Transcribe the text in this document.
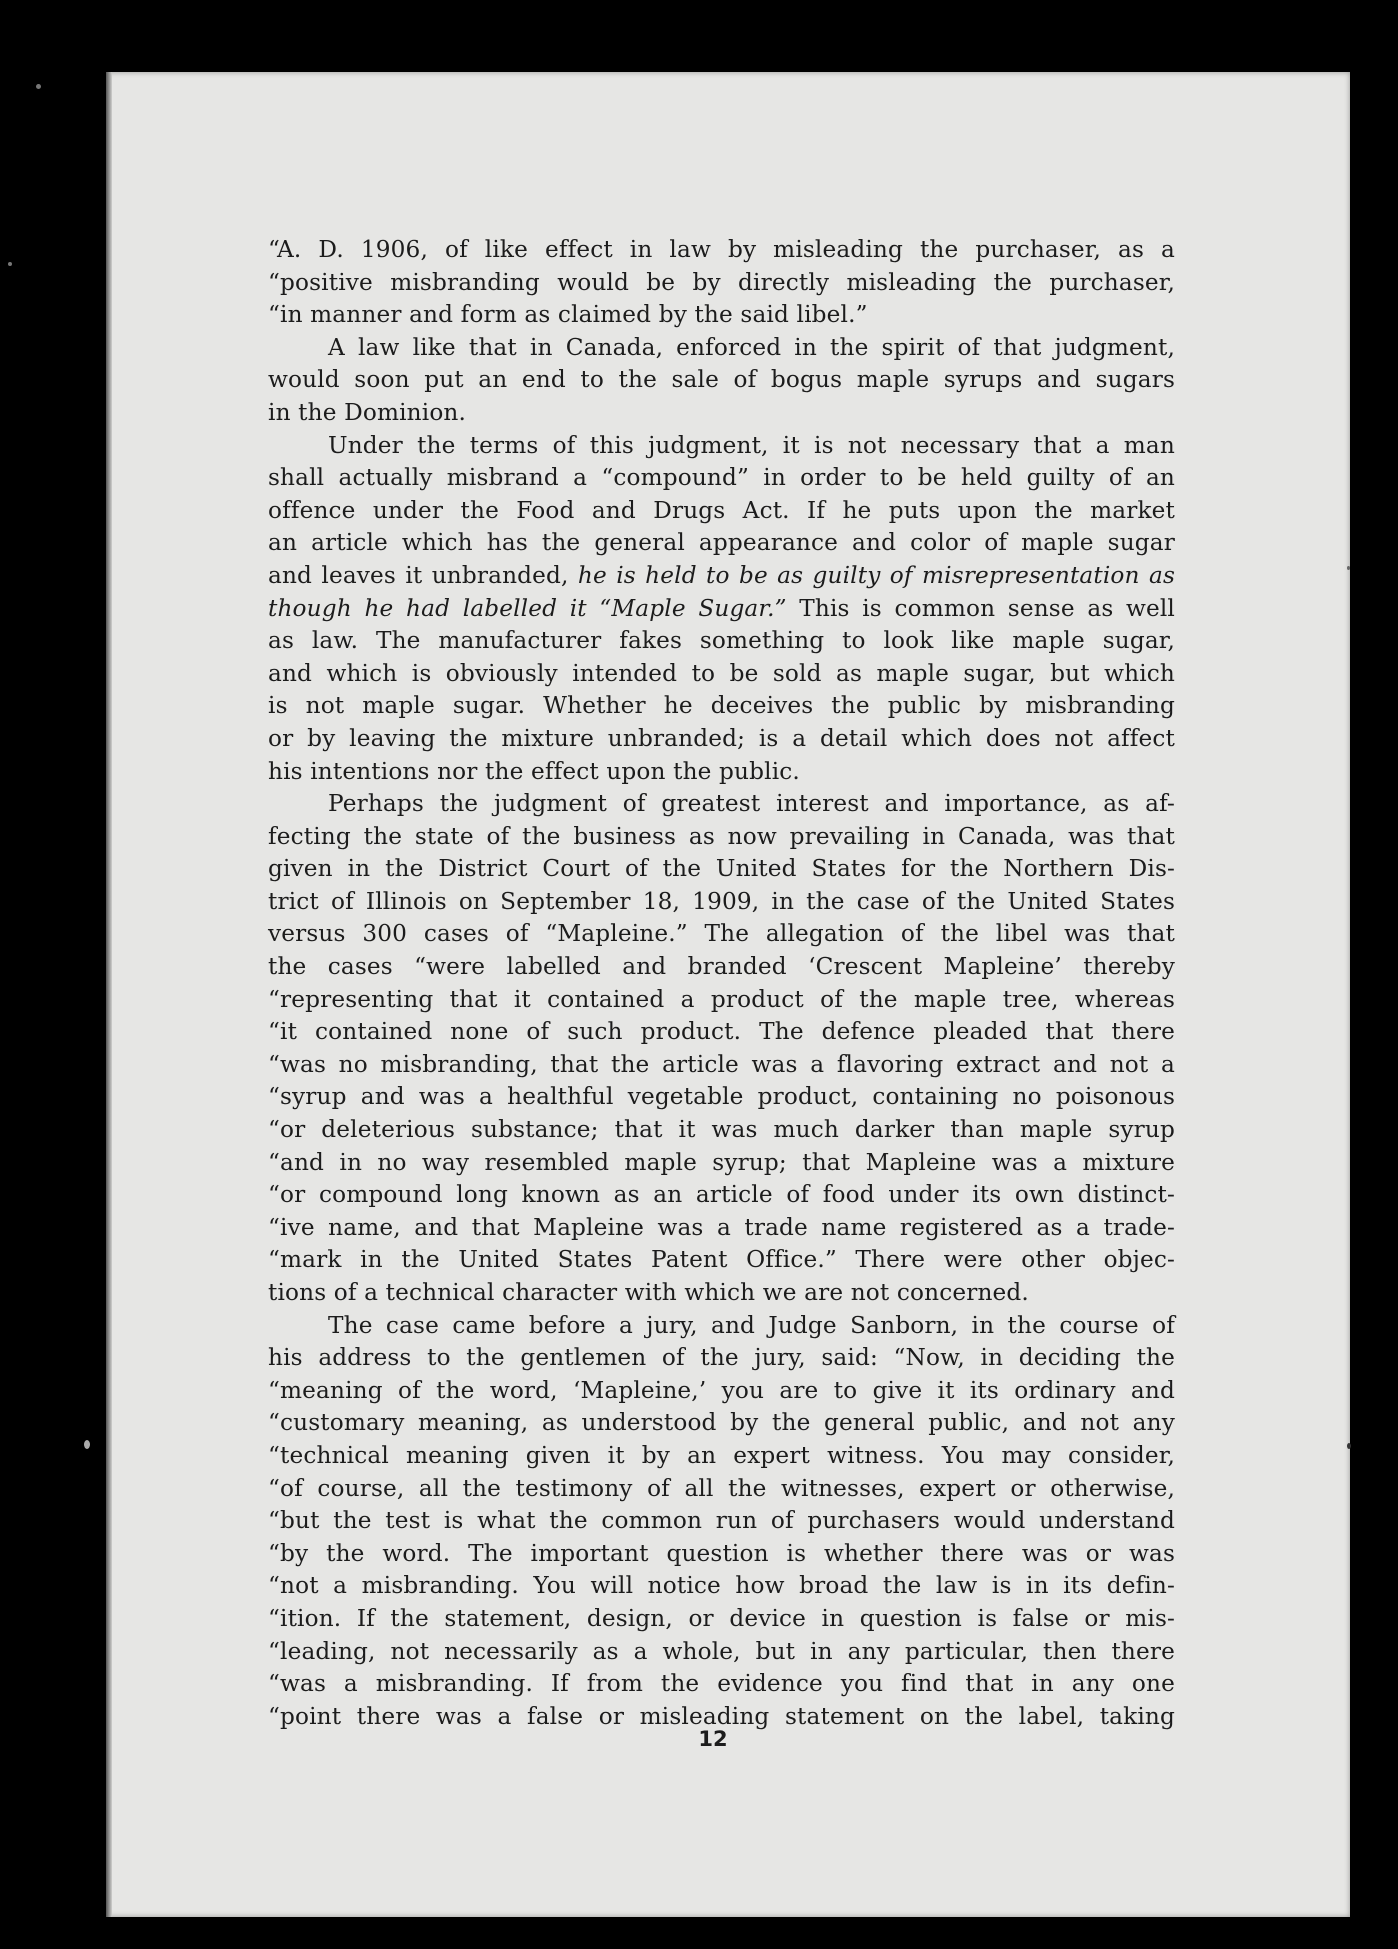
“A. D. 1906, of like effect in law by misleading the purchaser, as a
“positive misbranding would be by directly misleading the purchaser,

“in manner and form as claimed by the said libel.”

A law like that in Canada, enforced in the spirit of that judgment,
would soon put an end to the sale of bogus maple syrups and sugars

in the Dominion.

Under the terms of this judgment, it is not necessary that a man
shall actually misbrand a “compound” in order to be held guilty of an
offence under the Food and Drugs Act. If he puts upon the market
an article which has the general appearance and color of maple sugar
and leaves it unbranded, he is held to be as guilty of misrepresentation as
though he had labelled it “Maple Sugar.” This is common sense as well
as law. The manufacturer fakes something to look like maple sugar,
and which is obviously intended to be sold as maple sugar, but which
is not maple sugar. Whether he deceives the public by misbranding
or by leaving the mixture unbranded; is a detail which does not affect

his intentions nor the effect upon the public.

Perhaps the judgment of greatest interest and importance, as af-
fecting the state of the business as now prevailing in Canada, was that
given in the District Court of the United States for the Northern Dis-
trict of Illinois on September 18, 1909, in the case of the United States
versus 300 cases of “Mapleine.” The allegation of the libel was that
the cases “were labelled and branded ‘Crescent Mapleine’ thereby
“representing that it contained a product of the maple tree, whereas
“it contained none of such product. The defence pleaded that there
“was no misbranding, that the article was a flavoring extract and not a
“syrup and was a healthful vegetable product, containing no poisonous
“or deleterious substance; that it was much darker than maple syrup
“and in no way resembled maple syrup; that Mapleine was a mixture
“or compound long known as an article of food under its own distinct-
“ive name, and that Mapleine was a trade name registered as a trade-
“mark in the United States Patent Office.” There were other objec-

tions of a technical character with which we are not concerned.

The case came before a jury, and Judge Sanborn, in the course of
his address to the gentlemen of the jury, said: “Now, in deciding the
“meaning of the word, ‘Mapleine,’ you are to give it its ordinary and
“customary meaning, as understood by the general public, and not any
“technical meaning given it by an expert witness. You may consider,
“of course, all the testimony of all the witnesses, expert or otherwise,
“but the test is what the common run of purchasers would understand
“by the word. The important question is whether there was or was
“not a misbranding. You will notice how broad the law is in its defin-
“ition. If the statement, design, or device in question is false or mis-
“leading, not necessarily as a whole, but in any particular, then there
“was a misbranding. If from the evidence you find that in any one
“point there was a false or misleading statement on the label, taking

12
